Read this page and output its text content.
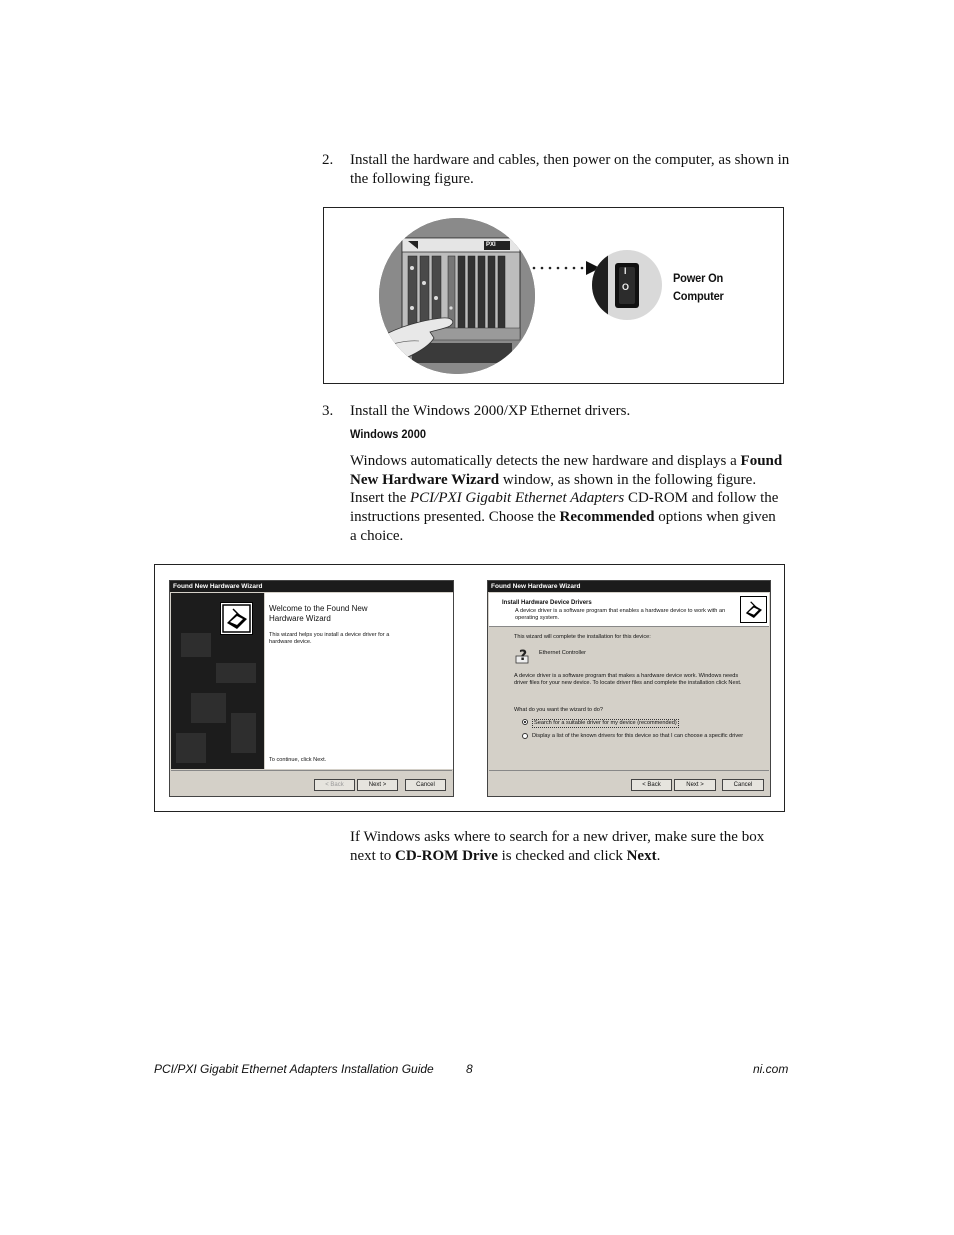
2.	Install the hardware and cables, then power on the computer, as shown in the following figure.
I
O
PXI
Power On
Computer
3.	Install the Windows 2000/XP Ethernet drivers.
Windows 2000
Windows automatically detects the new hardware and displays a Found New Hardware Wizard window, as shown in the following figure. Insert the PCI/PXI Gigabit Ethernet Adapters CD-ROM and follow the instructions presented. Choose the Recommended options when given a choice.
Found New Hardware Wizard
Welcome to the Found New
Hardware Wizard
This wizard helps you install a device driver for a hardware device.
To continue, click Next.
< Back	Next >	Cancel
Found New Hardware Wizard
Install Hardware Device Drivers
A device driver is a software program that enables a hardware device to work with an operating system.
This wizard will complete the installation for this device:
? Ethernet Controller
A device driver is a software program that makes a hardware device work. Windows needs driver files for your new device. To locate driver files and complete the installation click Next.
What do you want the wizard to do?
Search for a suitable driver for my device (recommended)
Display a list of the known drivers for this device so that I can choose a specific driver
< Back	Next >	Cancel
If Windows asks where to search for a new driver, make sure the box next to CD-ROM Drive is checked and click Next.
PCI/PXI Gigabit Ethernet Adapters Installation Guide	8	ni.com
